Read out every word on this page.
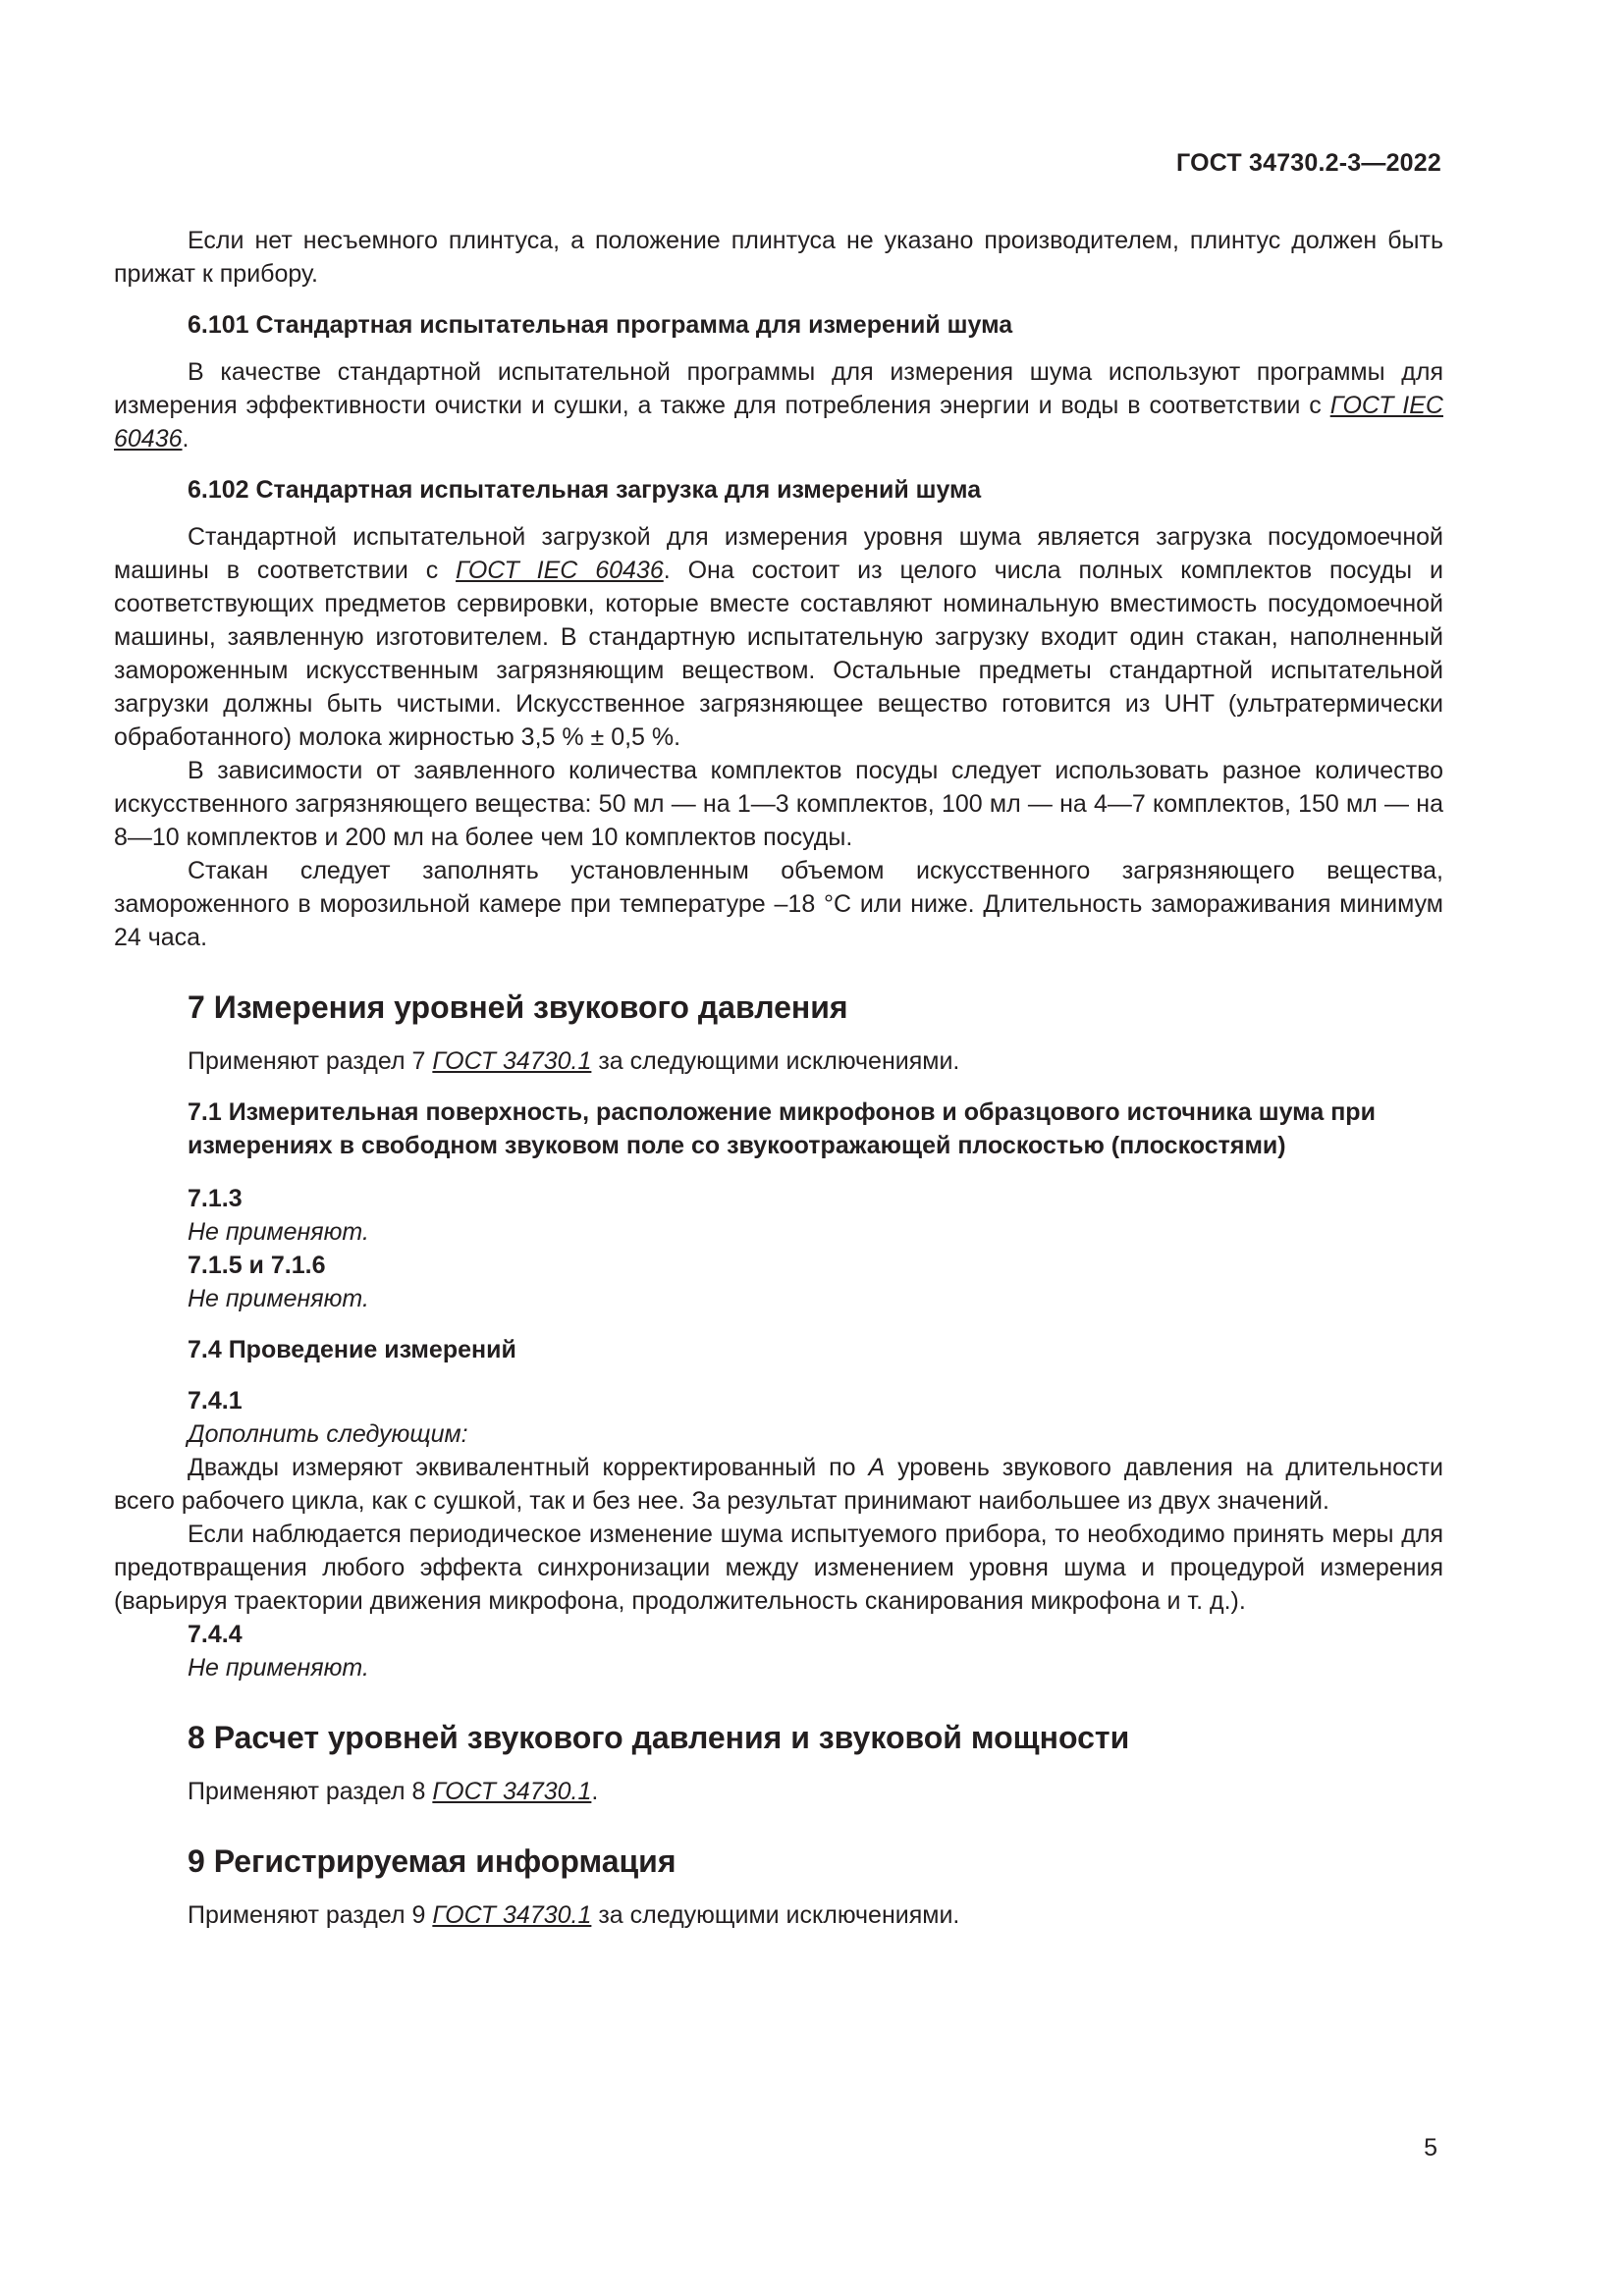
ГОСТ 34730.2-3—2022

Если нет несъемного плинтуса, а положение плинтуса не указано производителем, плинтус должен быть прижат к прибору.

6.101 Стандартная испытательная программа для измерений шума

В качестве стандартной испытательной программы для измерения шума используют программы для измерения эффективности очистки и сушки, а также для потребления энергии и воды в соответствии с ГОСТ IEC 60436.

6.102 Стандартная испытательная загрузка для измерений шума

Стандартной испытательной загрузкой для измерения уровня шума является загрузка посудомоечной машины в соответствии с ГОСТ IEC 60436. Она состоит из целого числа полных комплектов посуды и соответствующих предметов сервировки, которые вместе составляют номинальную вместимость посудомоечной машины, заявленную изготовителем. В стандартную испытательную загрузку входит один стакан, наполненный замороженным искусственным загрязняющим веществом. Остальные предметы стандартной испытательной загрузки должны быть чистыми. Искусственное загрязняющее вещество готовится из UHT (ультратермически обработанного) молока жирностью 3,5 % ± 0,5 %.

В зависимости от заявленного количества комплектов посуды следует использовать разное количество искусственного загрязняющего вещества: 50 мл — на 1—3 комплектов, 100 мл — на 4—7 комплектов, 150 мл — на 8—10 комплектов и 200 мл на более чем 10 комплектов посуды.

Стакан следует заполнять установленным объемом искусственного загрязняющего вещества, замороженного в морозильной камере при температуре –18 °С или ниже. Длительность замораживания минимум 24 часа.

7 Измерения уровней звукового давления

Применяют раздел 7 ГОСТ 34730.1 за следующими исключениями.

7.1 Измерительная поверхность, расположение микрофонов и образцового источника шума при измерениях в свободном звуковом поле со звукоотражающей плоскостью (плоскостями)

7.1.3

Не применяют.

7.1.5 и 7.1.6

Не применяют.

7.4 Проведение измерений

7.4.1

Дополнить следующим:

Дважды измеряют эквивалентный корректированный по А уровень звукового давления на длительности всего рабочего цикла, как с сушкой, так и без нее. За результат принимают наибольшее из двух значений.

Если наблюдается периодическое изменение шума испытуемого прибора, то необходимо принять меры для предотвращения любого эффекта синхронизации между изменением уровня шума и процедурой измерения (варьируя траектории движения микрофона, продолжительность сканирования микрофона и т. д.).

7.4.4

Не применяют.

8 Расчет уровней звукового давления и звуковой мощности

Применяют раздел 8 ГОСТ 34730.1.

9 Регистрируемая информация

Применяют раздел 9 ГОСТ 34730.1 за следующими исключениями.

5
